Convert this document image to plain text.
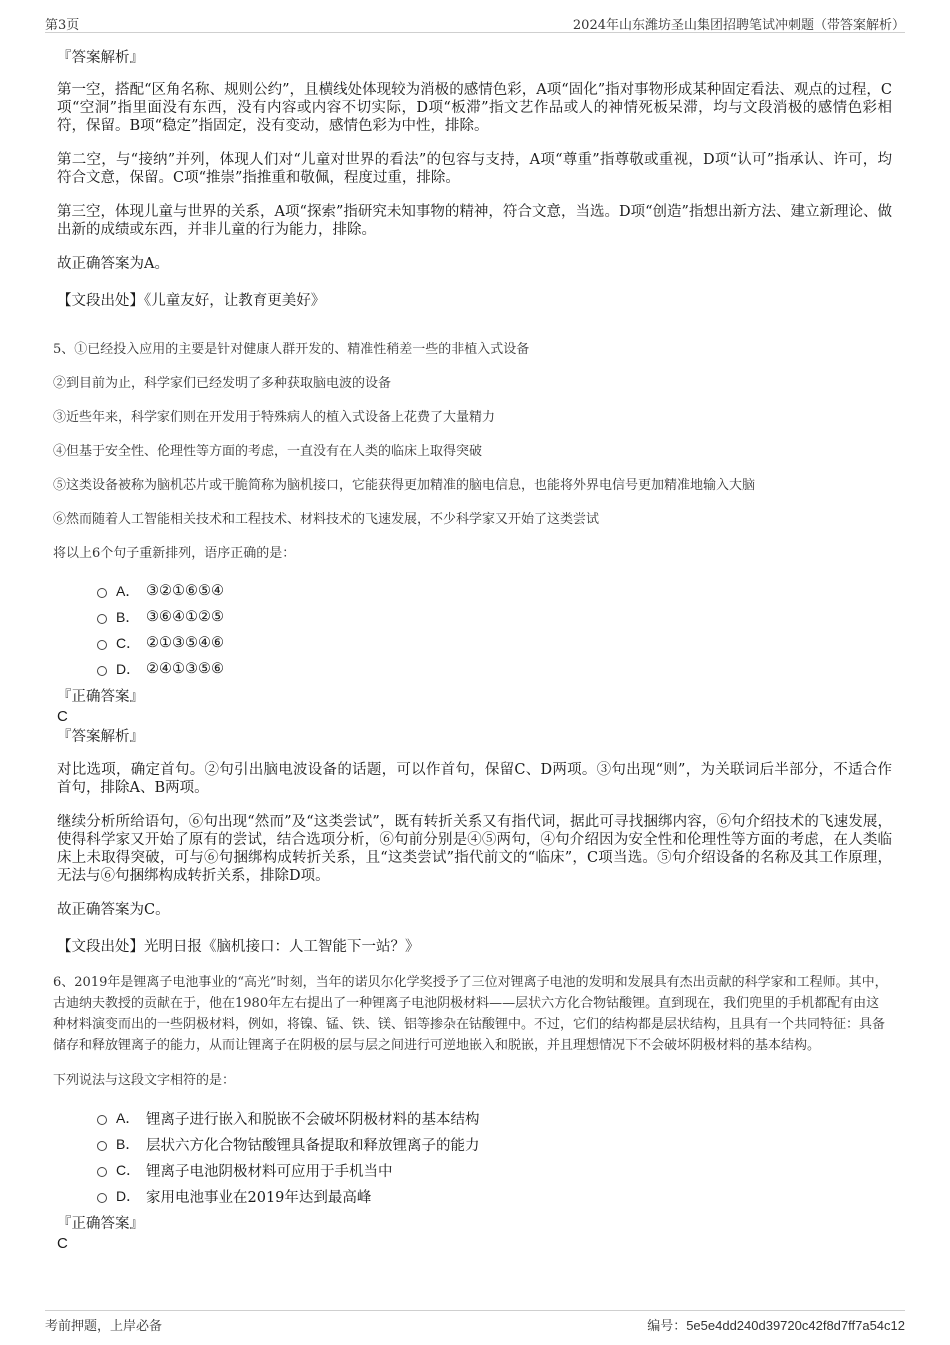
第3页	2024年山东潍坊圣山集团招聘笔试冲刺题（带答案解析）
『答案解析』

第一空，搭配“区角名称、规则公约”，且横线处体现较为消极的感情色彩，A项“固化”指对事物形成某种固定看法、观点的过程，C项“空洞”指里面没有东西，没有内容或内容不切实际，D项“板滞”指文艺作品或人的神情死板呆滞，均与文段消极的感情色彩相符，保留。B项“稳定”指固定，没有变动，感情色彩为中性，排除。

第二空，与“接纳”并列，体现人们对“儿童对世界的看法”的包容与支持，A项“尊重”指尊敬或重视，D项“认可”指承认、许可，均符合文意，保留。C项“推崇”指推重和敬佩，程度过重，排除。

第三空，体现儿童与世界的关系，A项“探索”指研究未知事物的精神，符合文意，当选。D项“创造”指想出新方法、建立新理论、做出新的成绩或东西，并非儿童的行为能力，排除。

故正确答案为A。

【文段出处】《儿童友好，让教育更美好》
5、①已经投入应用的主要是针对健康人群开发的、精准性稍差一些的非植入式设备
②到目前为止，科学家们已经发明了多种获取脑电波的设备
③近些年来，科学家们则在开发用于特殊病人的植入式设备上花费了大量精力
④但基于安全性、伦理性等方面的考虑，一直没有在人类的临床上取得突破
⑤这类设备被称为脑机芯片或干脆简称为脑机接口，它能获得更加精准的脑电信息，也能将外界电信号更加精准地输入大脑
⑥然而随着人工智能相关技术和工程技术、材料技术的飞速发展，不少科学家又开始了这类尝试
将以上6个句子重新排列，语序正确的是：
A． ③②①⑥⑤④
B． ③⑥④①②⑤
C． ②①③⑤④⑥
D． ②④①③⑤⑥
『正确答案』
C
『答案解析』

对比选项，确定首句。②句引出脑电波设备的话题，可以作首句，保留C、D两项。③句出现“则”，为关联词后半部分，不适合作首句，排除A、B两项。

继续分析所给语句，⑥句出现“然而”及“这类尝试”，既有转折关系又有指代词，据此可寻找捆绑内容，⑥句介绍技术的飞速发展，使得科学家又开始了原有的尝试，结合选项分析，⑥句前分别是④⑤两句，④句介绍因为安全性和伦理性等方面的考虑，在人类临床上未取得突破，可与⑥句捆绑构成转折关系，且“这类尝试”指代前文的“临床”，C项当选。⑤句介绍设备的名称及其工作原理，无法与⑥句捆绑构成转折关系，排除D项。

故正确答案为C。

【文段出处】光明日报《脑机接口：人工智能下一站？》
6、2019年是锂离子电池事业的“高光”时刻，当年的诺贝尔化学奖授予了三位对锂离子电池的发明和发展具有杰出贡献的科学家和工程师。其中，古迪纳夫教授的贡献在于，他在1980年左右提出了一种锂离子电池阴极材料——层状六方化合物钴酸锂。直到现在，我们兜里的手机都配有由这种材料演变而出的一些阴极材料，例如，将镍、锰、铁、镁、铝等掺杂在钴酸锂中。不过，它们的结构都是层状结构，且具有一个共同特征：具备储存和释放锂离子的能力，从而让锂离子在阴极的层与层之间进行可逆地嵌入和脱嵌，并且理想情况下不会破坏阴极材料的基本结构。
下列说法与这段文字相符的是：
A． 锂离子进行嵌入和脱嵌不会破坏阴极材料的基本结构
B． 层状六方化合物钴酸锂具备提取和释放锂离子的能力
C． 锂离子电池阴极材料可应用于手机当中
D． 家用电池事业在2019年达到最高峰
『正确答案』
C
考前押题，上岸必备	编号：5e5e4dd240d39720c42f8d7ff7a54c12
